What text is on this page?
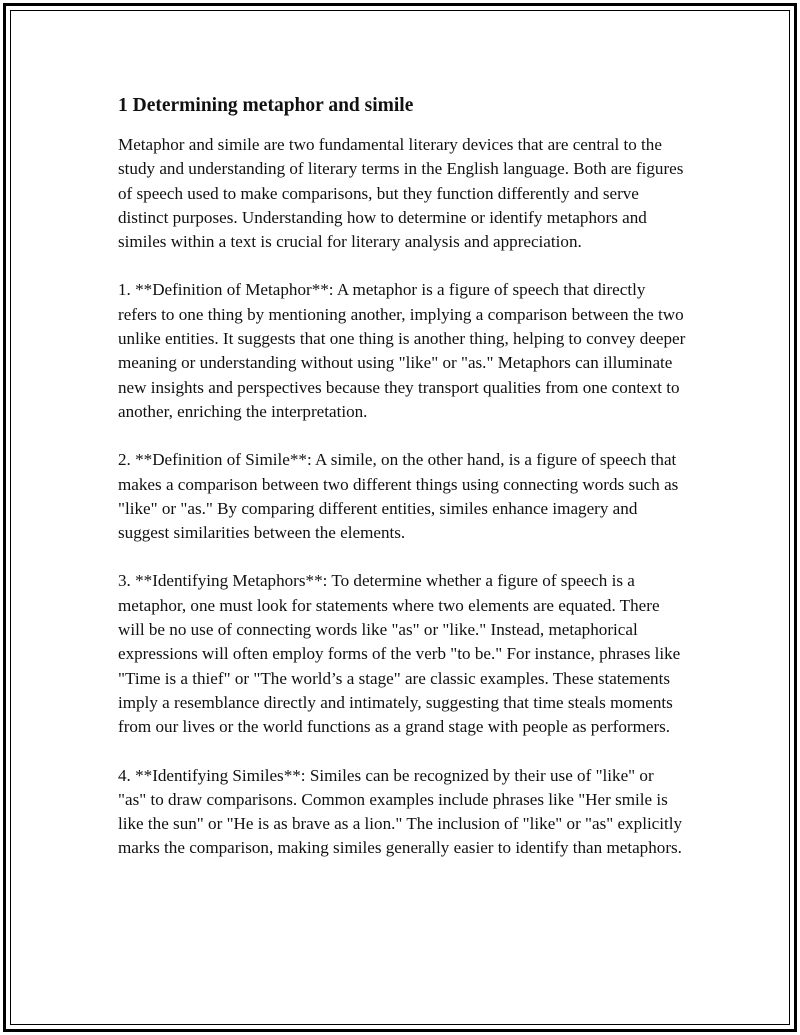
1 Determining metaphor and simile

Metaphor and simile are two fundamental literary devices that are central to the study and understanding of literary terms in the English language. Both are figures of speech used to make comparisons, but they function differently and serve distinct purposes. Understanding how to determine or identify metaphors and similes within a text is crucial for literary analysis and appreciation.

1. **Definition of Metaphor**: A metaphor is a figure of speech that directly refers to one thing by mentioning another, implying a comparison between the two unlike entities. It suggests that one thing is another thing, helping to convey deeper meaning or understanding without using "like" or "as." Metaphors can illuminate new insights and perspectives because they transport qualities from one context to another, enriching the interpretation.

2. **Definition of Simile**: A simile, on the other hand, is a figure of speech that makes a comparison between two different things using connecting words such as "like" or "as." By comparing different entities, similes enhance imagery and suggest similarities between the elements.

3. **Identifying Metaphors**: To determine whether a figure of speech is a metaphor, one must look for statements where two elements are equated. There will be no use of connecting words like "as" or "like." Instead, metaphorical expressions will often employ forms of the verb "to be." For instance, phrases like "Time is a thief" or "The world’s a stage" are classic examples. These statements imply a resemblance directly and intimately, suggesting that time steals moments from our lives or the world functions as a grand stage with people as performers.

4. **Identifying Similes**: Similes can be recognized by their use of "like" or "as" to draw comparisons. Common examples include phrases like "Her smile is like the sun" or "He is as brave as a lion." The inclusion of "like" or "as" explicitly marks the comparison, making similes generally easier to identify than metaphors.
